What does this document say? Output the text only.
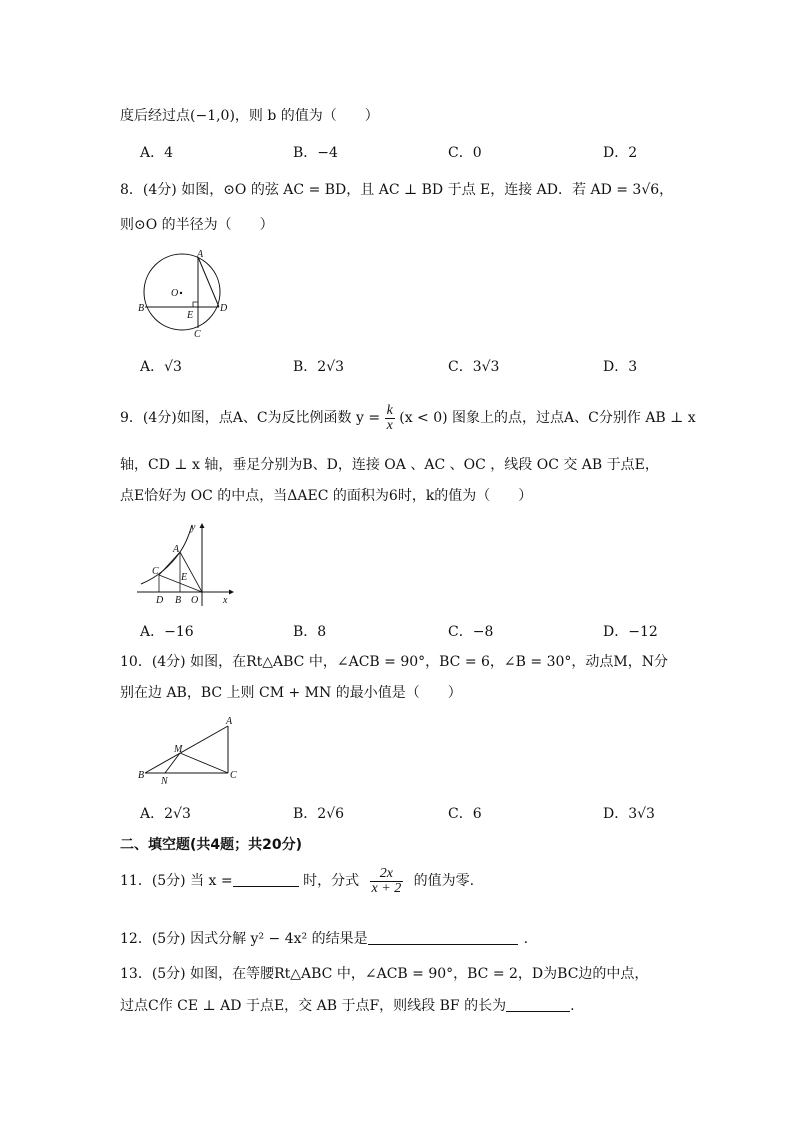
度后经过点(−1,0)，则 b 的值为（　　）
A．4	B．−4	C．0	D．2
8．(4分) 如图，⊙O 的弦 AC = BD，且 AC ⊥ BD 于点 E，连接 AD．若 AD = 3√6，
则⊙O 的半径为（　　）
A
B
C
D
E
O
A．√3	B．2√3	C．3√3	D．3
9．(4分)如图，点A、C为反比例函数 $y = \frac{k}{x} (x < 0)$ 图象上的点，过点A、C分别作 AB ⊥ x
轴，CD ⊥ x 轴，垂足分别为B、D，连接 OA 、AC 、OC ，线段 OC 交 AB 于点E，
点E恰好为 OC 的中点，当ΔAEC 的面积为6时，k的值为（　　）
y
A
C
E
D B O x
A．−16	B．8	C．−8	D．−12
10．(4分) 如图，在Rt△ABC 中，∠ACB = 90°，BC = 6，∠B = 30°，动点M，N分
别在边 AB，BC 上则 CM + MN 的最小值是（　　）
A
M
B
N
C
A．2√3	B．2√6	C．6	D．3√3
二、填空题(共4题；共20分)
11．(5分) 当 x =	时，分式 $\frac{2x}{x + 2}$ 的值为零.
12．(5分) 因式分解 y² − 4x² 的结果是	.
13．(5分) 如图，在等腰Rt△ABC 中，∠ACB = 90°，BC = 2，D为BC边的中点，
过点C作 CE ⊥ AD 于点E，交 AB 于点F，则线段 BF 的长为	.
